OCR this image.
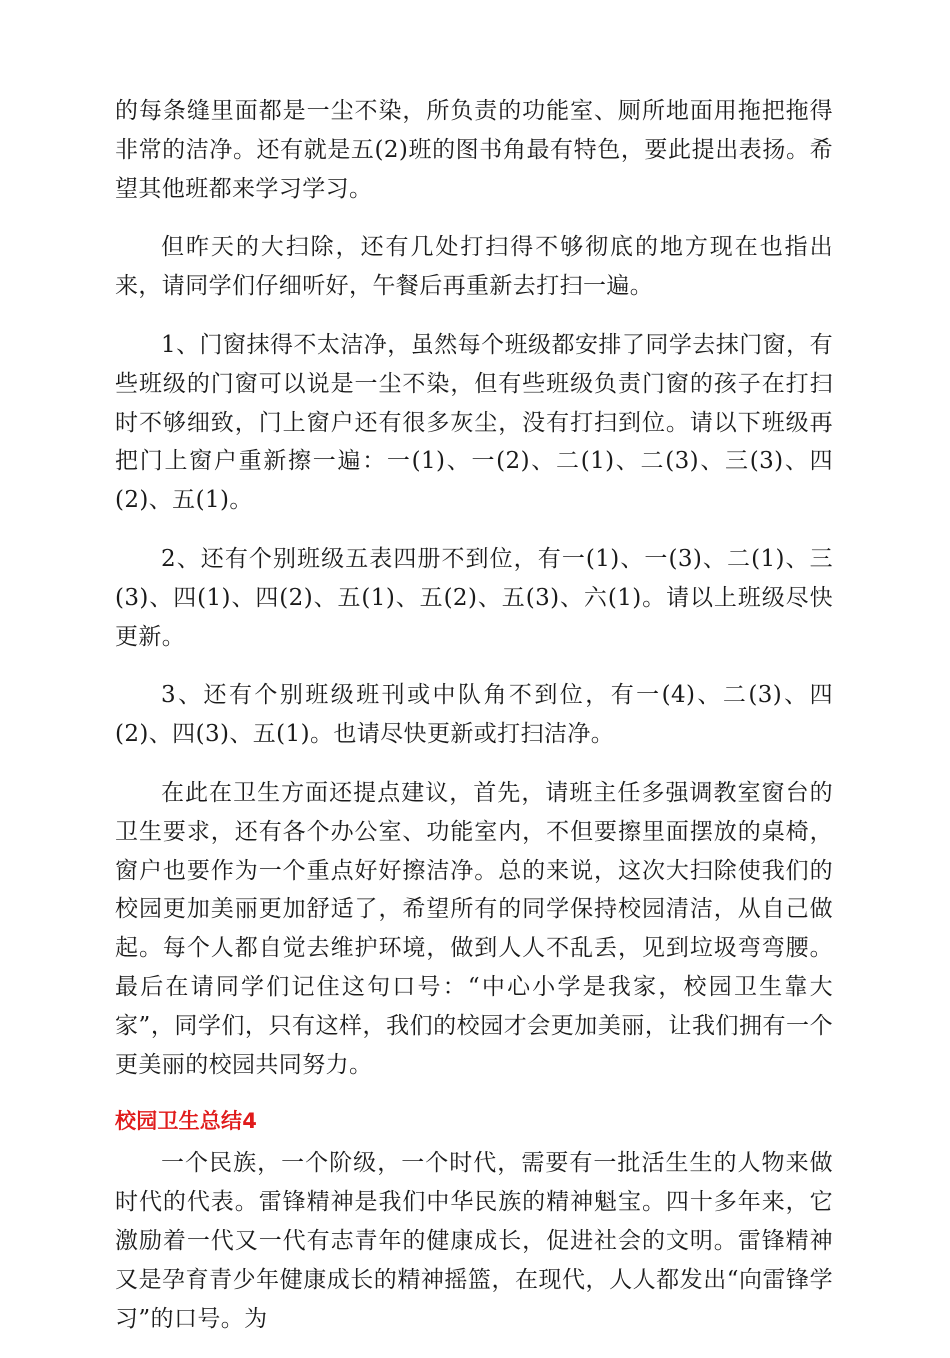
的每条缝里面都是一尘不染，所负责的功能室、厕所地面用拖把拖得非常的洁净。还有就是五(2)班的图书角最有特色，要此提出表扬。希望其他班都来学习学习。

但昨天的大扫除，还有几处打扫得不够彻底的地方现在也指出来，请同学们仔细听好，午餐后再重新去打扫一遍。

1、门窗抹得不太洁净，虽然每个班级都安排了同学去抹门窗，有些班级的门窗可以说是一尘不染，但有些班级负责门窗的孩子在打扫时不够细致，门上窗户还有很多灰尘，没有打扫到位。请以下班级再把门上窗户重新擦一遍：一(1)、一(2)、二(1)、二(3)、三(3)、四(2)、五(1)。

2、还有个别班级五表四册不到位，有一(1)、一(3)、二(1)、三(3)、四(1)、四(2)、五(1)、五(2)、五(3)、六(1)。请以上班级尽快更新。

3、还有个别班级班刊或中队角不到位，有一(4)、二(3)、四(2)、四(3)、五(1)。也请尽快更新或打扫洁净。

在此在卫生方面还提点建议，首先，请班主任多强调教室窗台的卫生要求，还有各个办公室、功能室内，不但要擦里面摆放的桌椅，窗户也要作为一个重点好好擦洁净。总的来说，这次大扫除使我们的校园更加美丽更加舒适了，希望所有的同学保持校园清洁，从自己做起。每个人都自觉去维护环境，做到人人不乱丢，见到垃圾弯弯腰。最后在请同学们记住这句口号：“中心小学是我家，校园卫生靠大家”，同学们，只有这样，我们的校园才会更加美丽，让我们拥有一个更美丽的校园共同努力。

校园卫生总结4

一个民族，一个阶级，一个时代，需要有一批活生生的人物来做时代的代表。雷锋精神是我们中华民族的精神魁宝。四十多年来，它激励着一代又一代有志青年的健康成长，促进社会的文明。雷锋精神又是孕育青少年健康成长的精神摇篮，在现代，人人都发出“向雷锋学习”的口号。为
